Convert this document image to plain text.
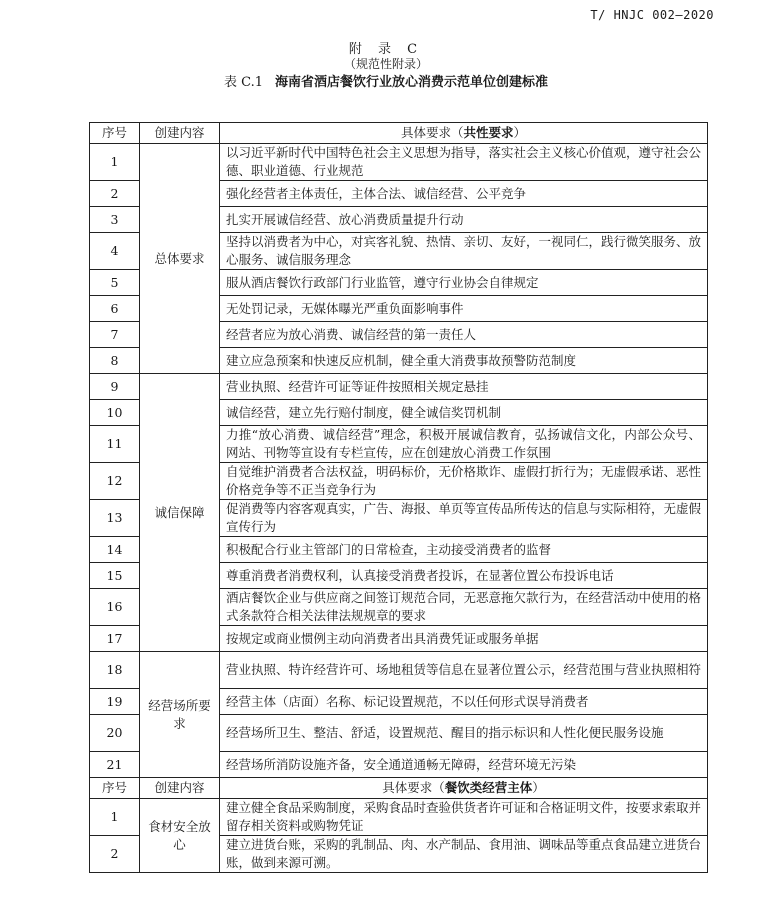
T/ HNJC 002—2020
附 录 C
（规范性附录）
表 C.1 海南省酒店餐饮行业放心消费示范单位创建标准
序号	创建内容	具体要求（共性要求）
1	总体要求	以习近平新时代中国特色社会主义思想为指导，落实社会主义核心价值观，遵守社会公德、职业道德、行业规范
2		强化经营者主体责任，主体合法、诚信经营、公平竞争
3		扎实开展诚信经营、放心消费质量提升行动
4		坚持以消费者为中心，对宾客礼貌、热情、亲切、友好，一视同仁，践行微笑服务、放心服务、诚信服务理念
5		服从酒店餐饮行政部门行业监管，遵守行业协会自律规定
6		无处罚记录，无媒体曝光严重负面影响事件
7		经营者应为放心消费、诚信经营的第一责任人
8		建立应急预案和快速反应机制，健全重大消费事故预警防范制度
9	诚信保障	营业执照、经营许可证等证件按照相关规定悬挂
10		诚信经营，建立先行赔付制度，健全诚信奖罚机制
11		力推“放心消费、诚信经营”理念，积极开展诚信教育，弘扬诚信文化，内部公众号、网站、刊物等宣设有专栏宣传，应在创建放心消费工作氛围
12		自觉维护消费者合法权益，明码标价，无价格欺诈、虚假打折行为；无虚假承诺、恶性价格竞争等不正当竞争行为
13		促消费等内容客观真实，广告、海报、单页等宣传品所传达的信息与实际相符，无虚假宣传行为
14		积极配合行业主管部门的日常检查，主动接受消费者的监督
15		尊重消费者消费权利，认真接受消费者投诉，在显著位置公布投诉电话
16		酒店餐饮企业与供应商之间签订规范合同，无恶意拖欠款行为，在经营活动中使用的格式条款符合相关法律法规规章的要求
17		按规定或商业惯例主动向消费者出具消费凭证或服务单据
18	经营场所要求	营业执照、特许经营许可、场地租赁等信息在显著位置公示，经营范围与营业执照相符
19		经营主体（店面）名称、标记设置规范，不以任何形式误导消费者
20		经营场所卫生、整洁、舒适，设置规范、醒目的指示标识和人性化便民服务设施
21		经营场所消防设施齐备，安全通道通畅无障碍，经营环境无污染
序号	创建内容	具体要求（餐饮类经营主体）
1	食材安全放心	建立健全食品采购制度，采购食品时查验供货者许可证和合格证明文件，按要求索取并留存相关资料或购物凭证
2		建立进货台账，采购的乳制品、肉、水产制品、食用油、调味品等重点食品建立进货台账，做到来源可溯。
